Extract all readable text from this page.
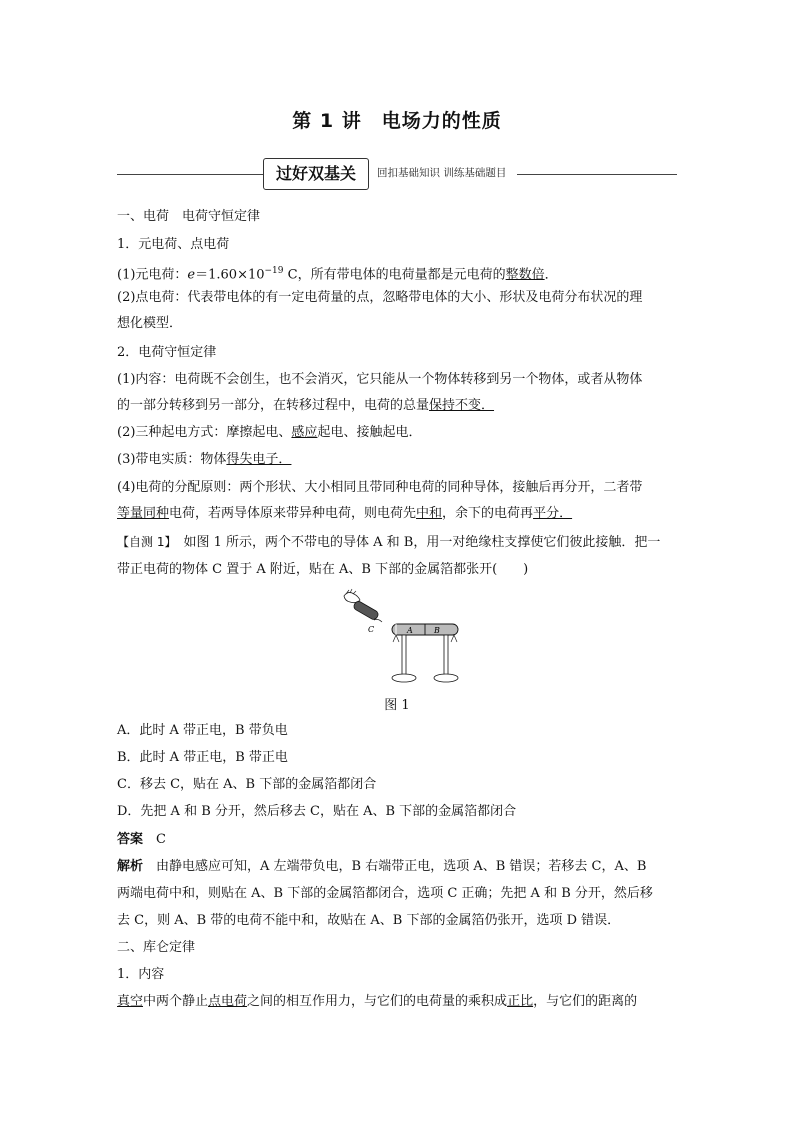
第 1 讲　电场力的性质
过好双基关	回扣基础知识 训练基础题目
一、电荷　电荷守恒定律
1．元电荷、点电荷
(1)元电荷：$e=1.60\times 10^{-19}$ C，所有带电体的电荷量都是元电荷的整数倍．
(2)点电荷：代表带电体的有一定电荷量的点，忽略带电体的大小、形状及电荷分布状况的理
想化模型．
2．电荷守恒定律
(1)内容：电荷既不会创生，也不会消灭，它只能从一个物体转移到另一个物体，或者从物体
的一部分转移到另一部分，在转移过程中，电荷的总量保持不变．
(2)三种起电方式：摩擦起电、感应起电、接触起电．
(3)带电实质：物体得失电子．
(4)电荷的分配原则：两个形状、大小相同且带同种电荷的同种导体，接触后再分开，二者带
等量同种电荷，若两导体原来带异种电荷，则电荷先中和，余下的电荷再平分．
【自测 1】　如图 1 所示，两个不带电的导体 A 和 B，用一对绝缘柱支撑使它们彼此接触．把一
带正电荷的物体 C 置于 A 附近，贴在 A、B 下部的金属箔都张开(　　)
C	A	B
图 1
A．此时 A 带正电，B 带负电
B．此时 A 带正电，B 带正电
C．移去 C，贴在 A、B 下部的金属箔都闭合
D．先把 A 和 B 分开，然后移去 C，贴在 A、B 下部的金属箔都闭合
答案　 C
解析　由静电感应可知，A 左端带负电，B 右端带正电，选项 A、B 错误；若移去 C，A、B
两端电荷中和，则贴在 A、B 下部的金属箔都闭合，选项 C 正确；先把 A 和 B 分开，然后移
去 C，则 A、B 带的电荷不能中和，故贴在 A、B 下部的金属箔仍张开，选项 D 错误．
二、库仑定律
1．内容
真空中两个静止点电荷之间的相互作用力，与它们的电荷量的乘积成正比，与它们的距离的
